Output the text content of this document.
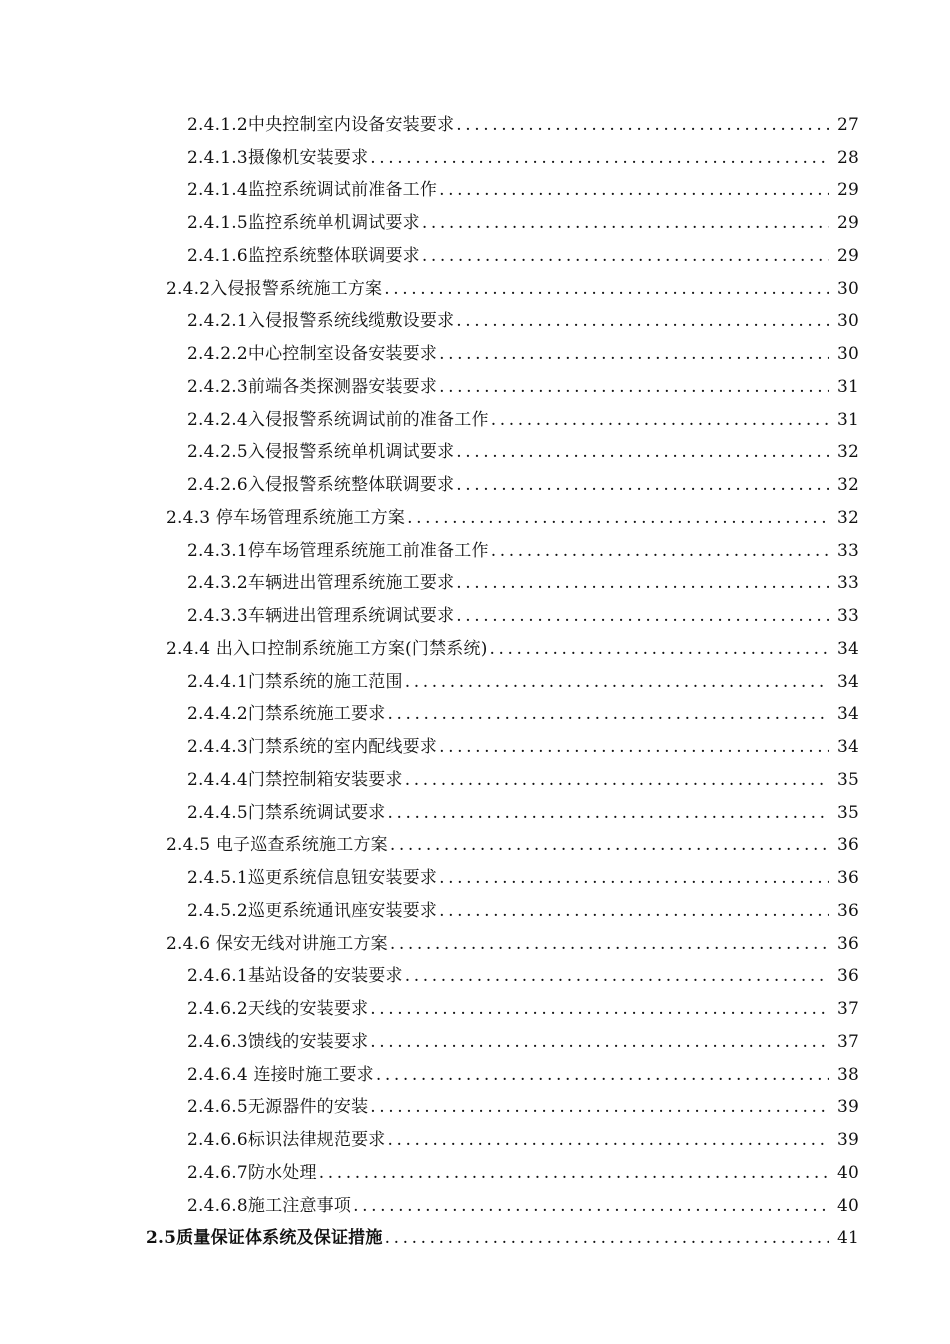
2.4.1.2中央控制室内设备安装要求 .....	27
2.4.1.3摄像机安装要求 .....	28
2.4.1.4监控系统调试前准备工作 .....	29
2.4.1.5监控系统单机调试要求 .....	29
2.4.1.6监控系统整体联调要求 .....	29
2.4.2入侵报警系统施工方案 .....	30
2.4.2.1入侵报警系统线缆敷设要求 .....	30
2.4.2.2中心控制室设备安装要求 .....	30
2.4.2.3前端各类探测器安装要求 .....	31
2.4.2.4入侵报警系统调试前的准备工作 .....	31
2.4.2.5入侵报警系统单机调试要求 .....	32
2.4.2.6入侵报警系统整体联调要求 .....	32
2.4.3 停车场管理系统施工方案 .....	32
2.4.3.1停车场管理系统施工前准备工作 .....	33
2.4.3.2车辆进出管理系统施工要求 .....	33
2.4.3.3车辆进出管理系统调试要求 .....	33
2.4.4 出入口控制系统施工方案(门禁系统) .....	34
2.4.4.1门禁系统的施工范围 .....	34
2.4.4.2门禁系统施工要求 .....	34
2.4.4.3门禁系统的室内配线要求 .....	34
2.4.4.4门禁控制箱安装要求 .....	35
2.4.4.5门禁系统调试要求 .....	35
2.4.5 电子巡查系统施工方案 .....	36
2.4.5.1巡更系统信息钮安装要求 .....	36
2.4.5.2巡更系统通讯座安装要求 .....	36
2.4.6 保安无线对讲施工方案 .....	36
2.4.6.1基站设备的安装要求 .....	36
2.4.6.2天线的安装要求 .....	37
2.4.6.3馈线的安装要求 .....	37
2.4.6.4 连接时施工要求 .....	38
2.4.6.5无源器件的安装 .....	39
2.4.6.6标识法律规范要求 .....	39
2.4.6.7防水处理 .....	40
2.4.6.8施工注意事项 .....	40
2.5质量保证体系统及保证措施 .....	41
